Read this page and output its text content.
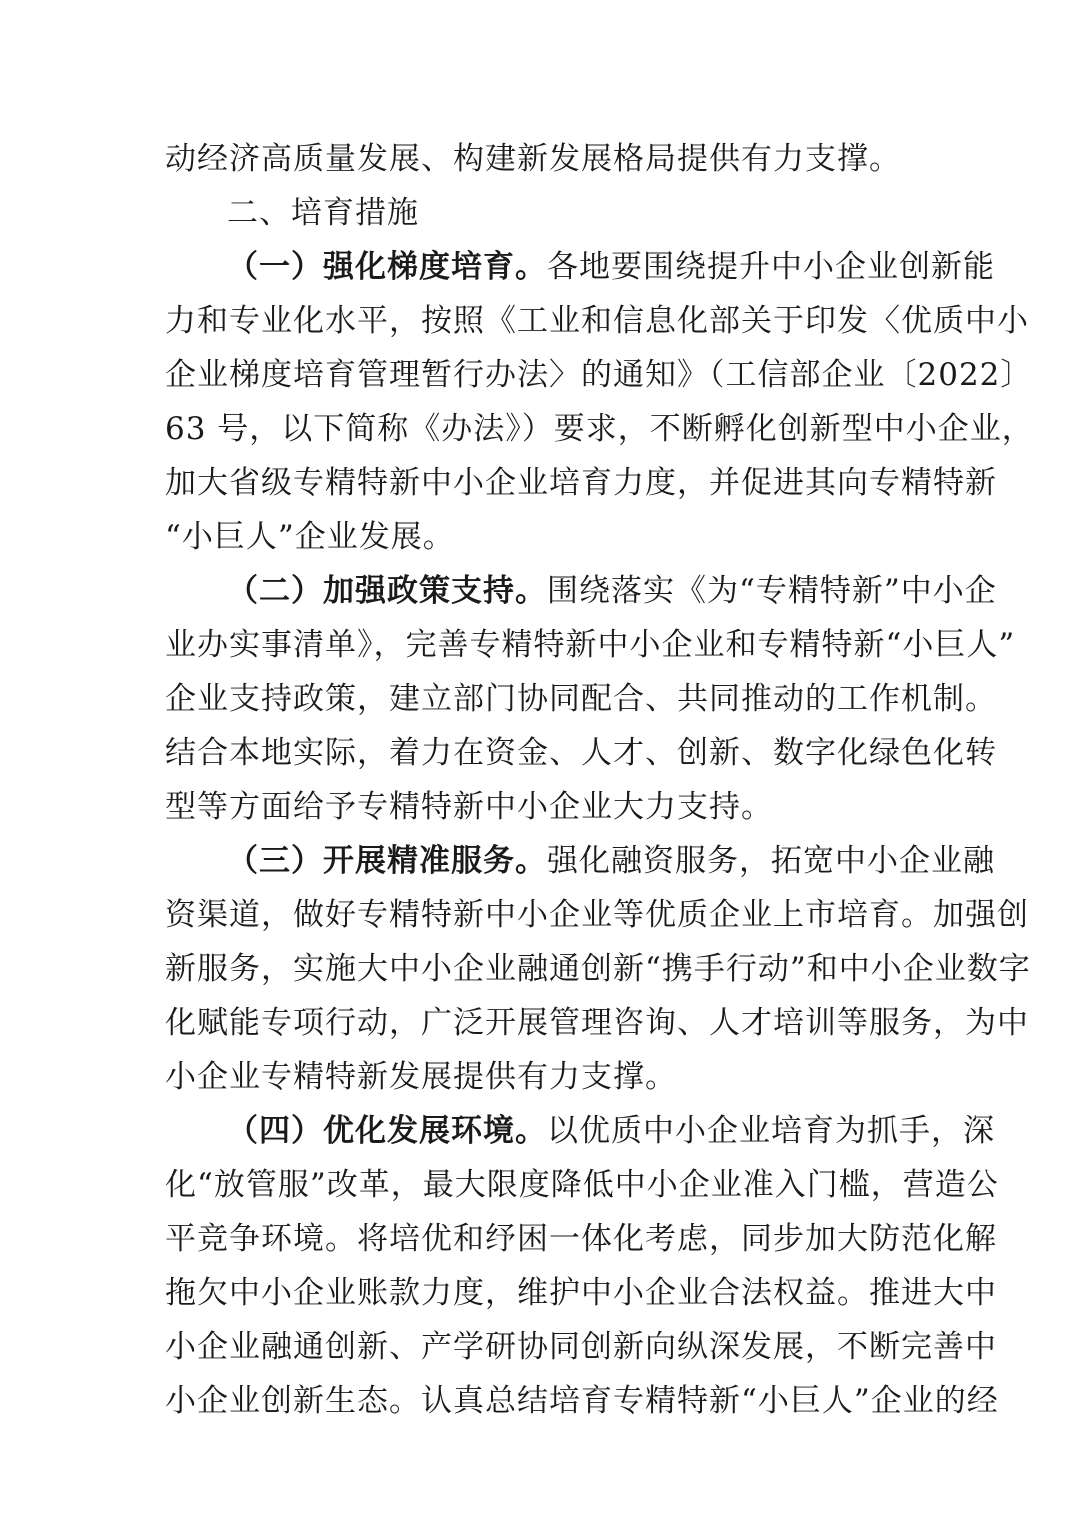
动经济高质量发展、构建新发展格局提供有力支撑。
二、培育措施
（一）强化梯度培育。各地要围绕提升中小企业创新能
力和专业化水平，按照《工业和信息化部关于印发〈优质中小
企业梯度培育管理暂行办法〉的通知》（工信部企业〔2022〕
63 号，以下简称《办法》）要求，不断孵化创新型中小企业，
加大省级专精特新中小企业培育力度，并促进其向专精特新
“小巨人”企业发展。
（二）加强政策支持。围绕落实《为“专精特新”中小企
业办实事清单》，完善专精特新中小企业和专精特新“小巨人”
企业支持政策，建立部门协同配合、共同推动的工作机制。
结合本地实际，着力在资金、人才、创新、数字化绿色化转
型等方面给予专精特新中小企业大力支持。
（三）开展精准服务。强化融资服务，拓宽中小企业融
资渠道，做好专精特新中小企业等优质企业上市培育。加强创
新服务，实施大中小企业融通创新“携手行动”和中小企业数字
化赋能专项行动，广泛开展管理咨询、人才培训等服务，为中
小企业专精特新发展提供有力支撑。
（四）优化发展环境。以优质中小企业培育为抓手，深
化“放管服”改革，最大限度降低中小企业准入门槛，营造公
平竞争环境。将培优和纾困一体化考虑，同步加大防范化解
拖欠中小企业账款力度，维护中小企业合法权益。推进大中
小企业融通创新、产学研协同创新向纵深发展，不断完善中
小企业创新生态。认真总结培育专精特新“小巨人”企业的经
